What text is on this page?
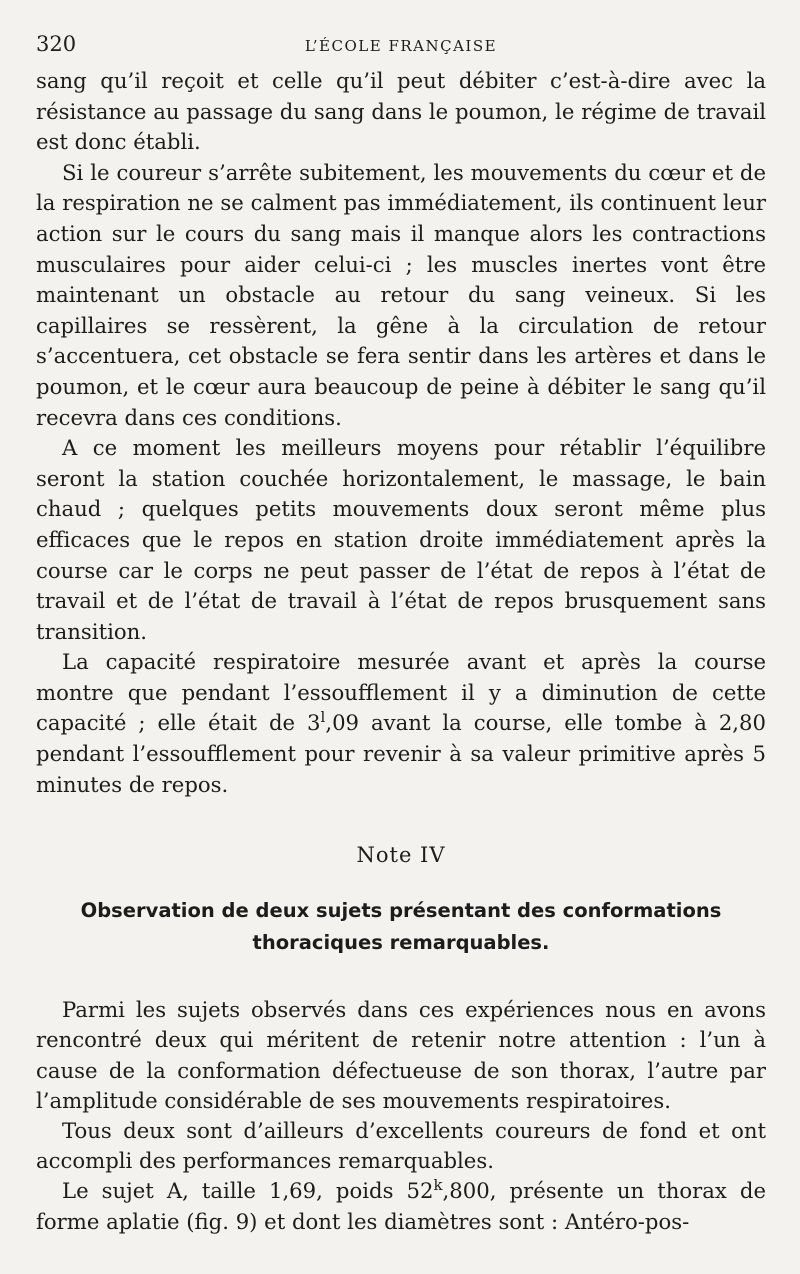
320	L’ÉCOLE FRANÇAISE

sang qu’il reçoit et celle qu’il peut débiter c’est-à-dire avec la résistance au passage du sang dans le poumon, le régime de travail est donc établi.

Si le coureur s’arrête subitement, les mouvements du cœur et de la respiration ne se calment pas immédiatement, ils continuent leur action sur le cours du sang mais il manque alors les contractions musculaires pour aider celui-ci ; les muscles inertes vont être maintenant un obstacle au retour du sang veineux. Si les capillaires se ressèrent, la gêne à la circulation de retour s’accentuera, cet obstacle se fera sentir dans les artères et dans le poumon, et le cœur aura beaucoup de peine à débiter le sang qu’il recevra dans ces conditions.

A ce moment les meilleurs moyens pour rétablir l’équilibre seront la station couchée horizontalement, le massage, le bain chaud ; quelques petits mouvements doux seront même plus efficaces que le repos en station droite immédiatement après la course car le corps ne peut passer de l’état de repos à l’état de travail et de l’état de travail à l’état de repos brusquement sans transition.

La capacité respiratoire mesurée avant et après la course montre que pendant l’essoufflement il y a diminution de cette capacité ; elle était de 3$^l$,09 avant la course, elle tombe à 2,80 pendant l’essoufflement pour revenir à sa valeur primitive après 5 minutes de repos.

Note IV
Observation de deux sujets présentant des conformations
thoraciques remarquables.

Parmi les sujets observés dans ces expériences nous en avons rencontré deux qui méritent de retenir notre attention : l’un à cause de la conformation défectueuse de son thorax, l’autre par l’amplitude considérable de ses mouvements respiratoires.

Tous deux sont d’ailleurs d’excellents coureurs de fond et ont accompli des performances remarquables.

Le sujet A, taille 1,69, poids 52$^k$,800, présente un thorax de forme aplatie (fig. 9) et dont les diamètres sont : Antéro-pos-
